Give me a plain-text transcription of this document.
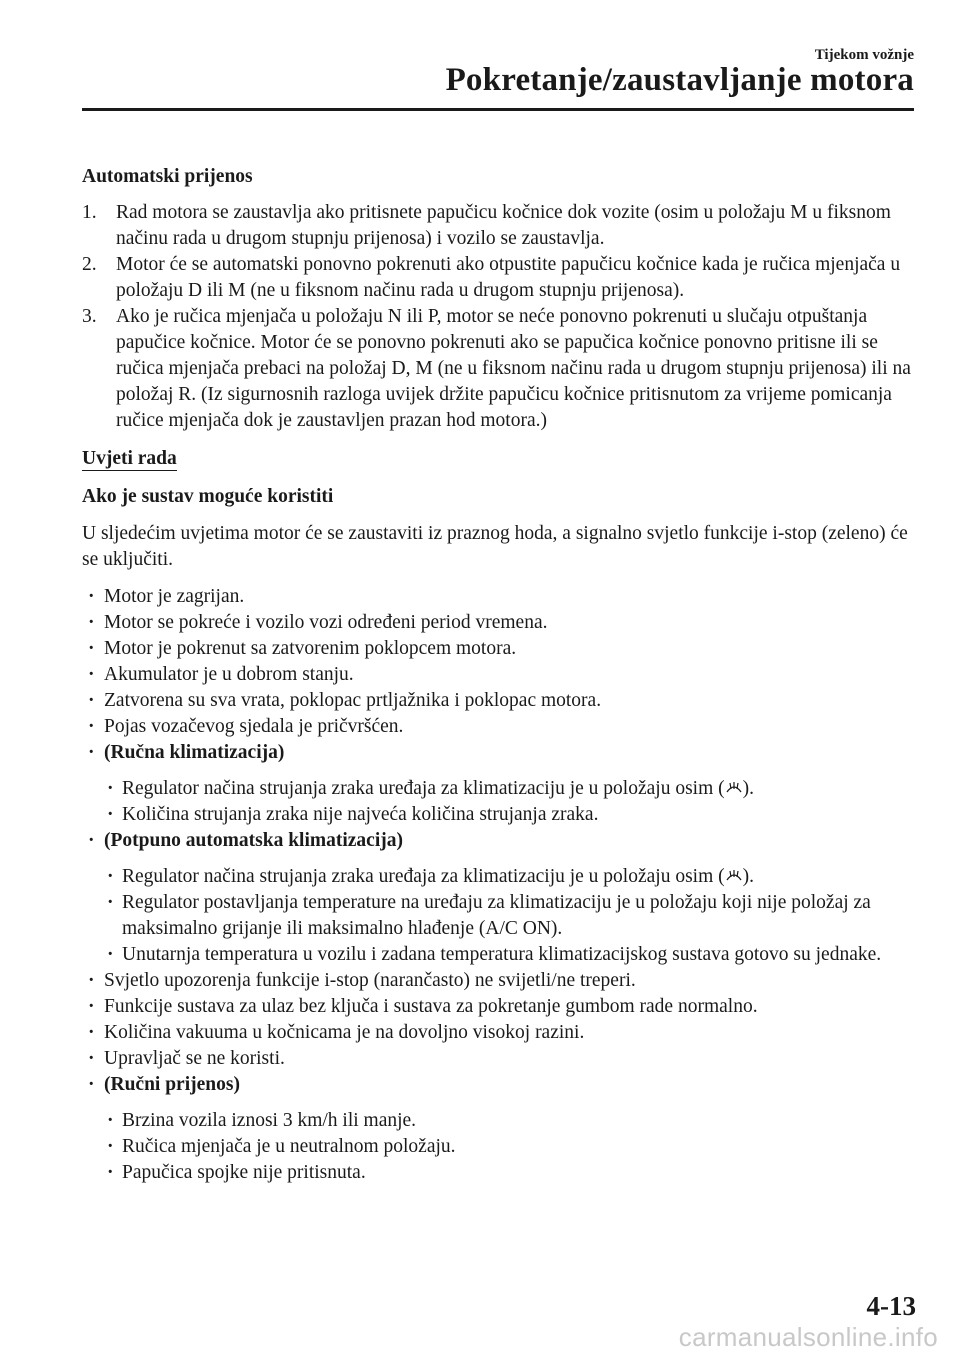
Tijekom vožnje
Pokretanje/zaustavljanje motora

Automatski prijenos

1. Rad motora se zaustavlja ako pritisnete papučicu kočnice dok vozite (osim u položaju M u fiksnom načinu rada u drugom stupnju prijenosa) i vozilo se zaustavlja.
2. Motor će se automatski ponovno pokrenuti ako otpustite papučicu kočnice kada je ručica mjenjača u položaju D ili M (ne u fiksnom načinu rada u drugom stupnju prijenosa).
3. Ako je ručica mjenjača u položaju N ili P, motor se neće ponovno pokrenuti u slučaju otpuštanja papučice kočnice. Motor će se ponovno pokrenuti ako se papučica kočnice ponovno pritisne ili se ručica mjenjača prebaci na položaj D, M (ne u fiksnom načinu rada u drugom stupnju prijenosa) ili na položaj R. (Iz sigurnosnih razloga uvijek držite papučicu kočnice pritisnutom za vrijeme pomicanja ručice mjenjača dok je zaustavljen prazan hod motora.)

Uvjeti rada

Ako je sustav moguće koristiti

U sljedećim uvjetima motor će se zaustaviti iz praznog hoda, a signalno svjetlo funkcije i-stop (zeleno) će se uključiti.

· Motor je zagrijan.
· Motor se pokreće i vozilo vozi određeni period vremena.
· Motor je pokrenut sa zatvorenim poklopcem motora.
· Akumulator je u dobrom stanju.
· Zatvorena su sva vrata, poklopac prtljažnika i poklopac motora.
· Pojas vozačevog sjedala je pričvršćen.
· (Ručna klimatizacija)
· Regulator načina strujanja zraka uređaja za klimatizaciju je u položaju osim ( ).
· Količina strujanja zraka nije najveća količina strujanja zraka.
· (Potpuno automatska klimatizacija)
· Regulator načina strujanja zraka uređaja za klimatizaciju je u položaju osim ( ).
· Regulator postavljanja temperature na uređaju za klimatizaciju je u položaju koji nije položaj za maksimalno grijanje ili maksimalno hlađenje (A/C ON).
· Unutarnja temperatura u vozilu i zadana temperatura klimatizacijskog sustava gotovo su jednake.
· Svjetlo upozorenja funkcije i-stop (narančasto) ne svijetli/ne treperi.
· Funkcije sustava za ulaz bez ključa i sustava za pokretanje gumbom rade normalno.
· Količina vakuuma u kočnicama je na dovoljno visokoj razini.
· Upravljač se ne koristi.
· (Ručni prijenos)
· Brzina vozila iznosi 3 km/h ili manje.
· Ručica mjenjača je u neutralnom položaju.
· Papučica spojke nije pritisnuta.
4-13
carmanualsonline.info
